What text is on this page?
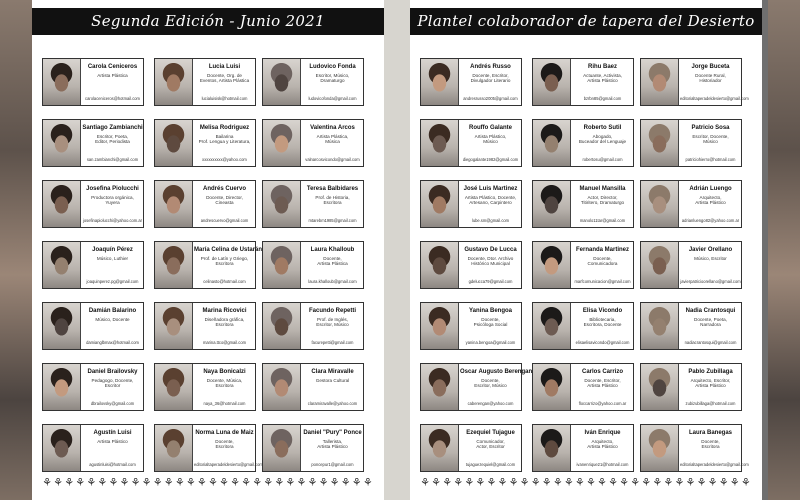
Segunda Edición - Junio 2021
Carola Ceniceros
Artista Plástica
carolaceniceros@hotmail.com
Lucia Luisi
Docente, Org. de
Eventos, Artista Plástica
lucialuisisk@hotmail.com
Ludovico Fonda
Escritor, Músico,
Dramaturgo
ludovicofonda@gmail.com
Santiago Zambianchi
Escritor, Poeta,
Editor, Periodista
san.zambianchi@gmail.com
Melisa Rodriguez
Bailarina
Prof. Lengua y Literatura,
xxxxxxxxxx@yahoo.com
Valentina Arcos
Artista Plástica,
Música
valnarcosvicondo@gmail.com
Josefina Piolucchi
Productora orgánica,
Yuyera
josefinapiolucchi@yahoo.com.ar
Andrés Cuervo
Docente, Director,
Cineasta
andrescuervo@gmail.com
Teresa Balbidares
Prof. de Historia,
Escritora
mtarebm1985@gmail.com
Joaquín Pérez
Músico, Luthier
joaquinperez.pg@gmail.com
María Celina de Ustarán
Prof. de Latín y Griego,
Escritora
celinasto@hotmail.com
Laura Khalloub
Docente,
Artista Plástica
laura.khalloub@gmail.com
Damián Balarino
Músico, Docente
damianglbmax@hotmail.com
Marina Ricovici
Diseñadora gráfica,
Escritora
marina.ttco@gmail.com
Facundo Repetti
Prof. de Inglés,
Escritor, Músico
facurepetti@gmail.com
Daniel Brailovsky
Pedagogo, Docente,
Escritor
dbrailovsky@gmail.com
Naya Bonicalzi
Docente, Música,
Escritora
naya_36@hotmail.com
Clara Miravalle
Gestora Cultural
claramiravalle@yahoo.com
Agustín Luisi
Artista Plástico
agustinluisi@hotmail.com
Norma Luna de Maiz
Docente,
Escritora
editorialtaperadeldesierto@gmail.com
Daniel "Pury" Ponce
Tallerista,
Artista Plástico
poncepur1@gmail.com
⚘⚘⚘⚘⚘⚘⚘⚘⚘⚘⚘⚘⚘⚘⚘⚘⚘⚘⚘⚘⚘⚘⚘⚘⚘⚘⚘⚘⚘⚘
Plantel colaborador de tapera del Desierto
Andrés Russo
Docente, Escritor,
Divulgador Literario
andresrusso2005@gmail.com
Rihu Baez
Actuante, Activista,
Artista Plástico
bzrbn85@gmail.com
Jorge Buceta
Docente Rural,
Historiador
editorialtaperadeldesierto@gmail.com
Rouffo Galante
Artista Plástico,
Músico
diegogalante1982@gmail.com
Roberto Sutil
Abogado,
Buceador del Lenguaje
robertosu@gmail.com
Patricio Sosa
Escritor, Docente,
Músico
patriciohierro@hotmail.com
José Luis Martinez
Artista Plástico, Docente,
Artesano, Carpintero
lube.sm@gmail.com
Manuel Mansilla
Actor, Director,
Titiritero, Dramaturgo
manolo11tar@gmail.com
Adrián Luengo
Arquitecto,
Artista Plástico
adrianluengo82@yahoo.com.ar
Gustavo De Lucca
Docente, Dtor. Archivo
Histórico Municipal
gdelucca79@gmail.com
Fernanda Martinez
Docente,
Comunicadora
marfcomunicacion@gmail.com
Javier Orellano
Músico, Escritor
javierpatricioorellano@gmail.com
Yanina Bengoa
Docente,
Psicóloga Social
yanina.bengoa@gmail.com
Elisa Vicondo
Bibliotecaria,
Escritora, Docente
elisaelisavicondo@gmail.com
Nadia Crantosqui
Docente, Poeta,
Narradora
nadiacrantosqui@gmail.com
Oscar Augusto Berengan
Docente,
Escritor, Músico
caberengan@yahoo.com
Carlos Carrizo
Docente, Escritor,
Artista Plástico
floccarrizo@yahoo.com.ar
Pablo Zubillaga
Arquitecto, Escritor,
Artista Plástico
zubizubillaga@hotmail.com
Ezequiel Tujague
Comunicador,
Actor, Escritor
tujaguezequiel@gmail.com
Iván Enrique
Arquitecto,
Artista Plástico
ivanenrique21@hotmail.com
Laura Banegas
Docente,
Escritora
editorialtaperadeldesierto@gmail.com
⚘⚘⚘⚘⚘⚘⚘⚘⚘⚘⚘⚘⚘⚘⚘⚘⚘⚘⚘⚘⚘⚘⚘⚘⚘⚘⚘⚘⚘⚘
